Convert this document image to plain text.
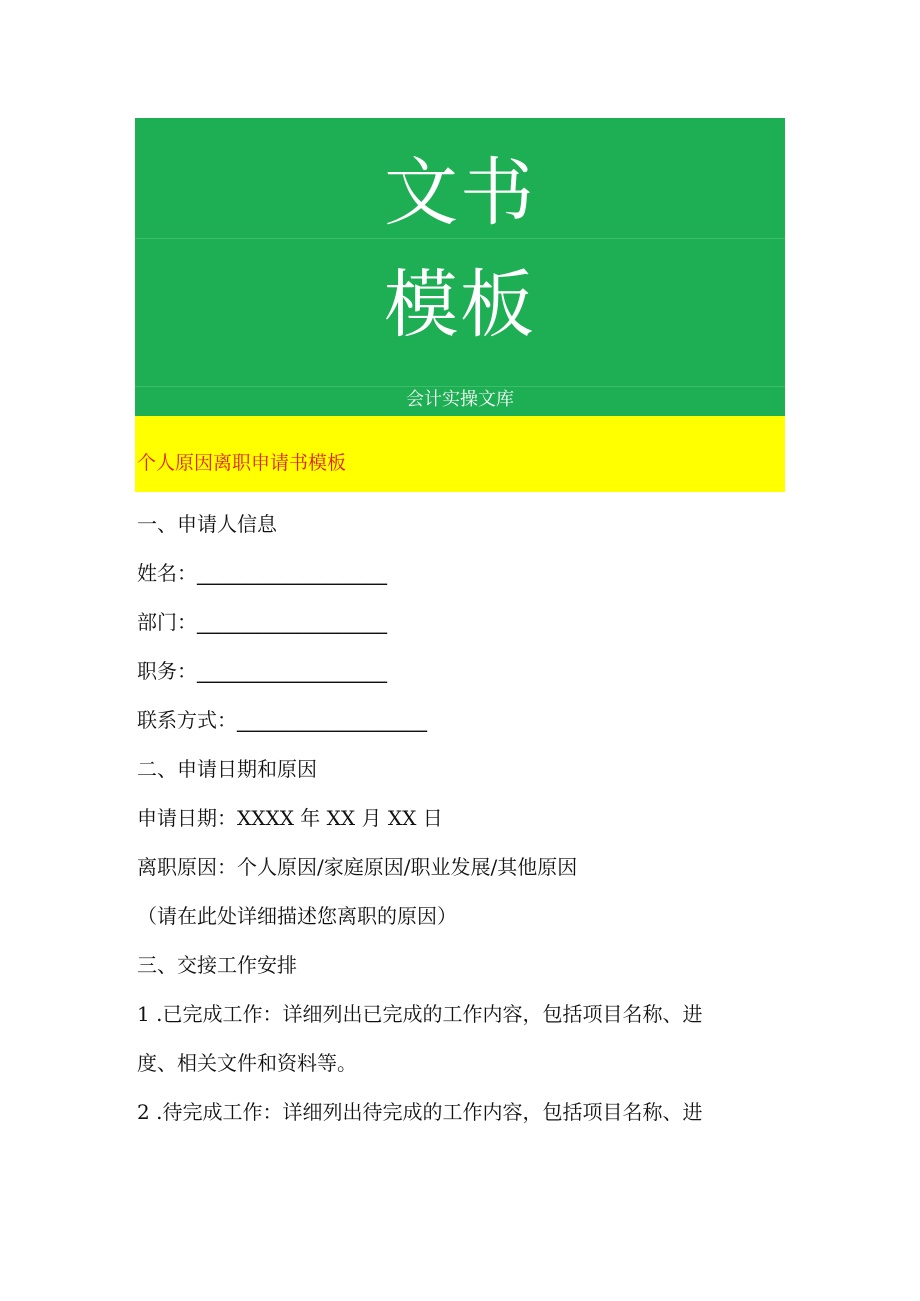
文书
模板
会计实操文库
个人原因离职申请书模板
一、申请人信息
姓名：___________________
部门：___________________
职务：___________________
联系方式：___________________
二、申请日期和原因
申请日期：XXXX 年 XX 月 XX 日
离职原因：个人原因/家庭原因/职业发展/其他原因
（请在此处详细描述您离职的原因）
三、交接工作安排
1 .已完成工作：详细列出已完成的工作内容，包括项目名称、进
度、相关文件和资料等。
2 .待完成工作：详细列出待完成的工作内容，包括项目名称、进
